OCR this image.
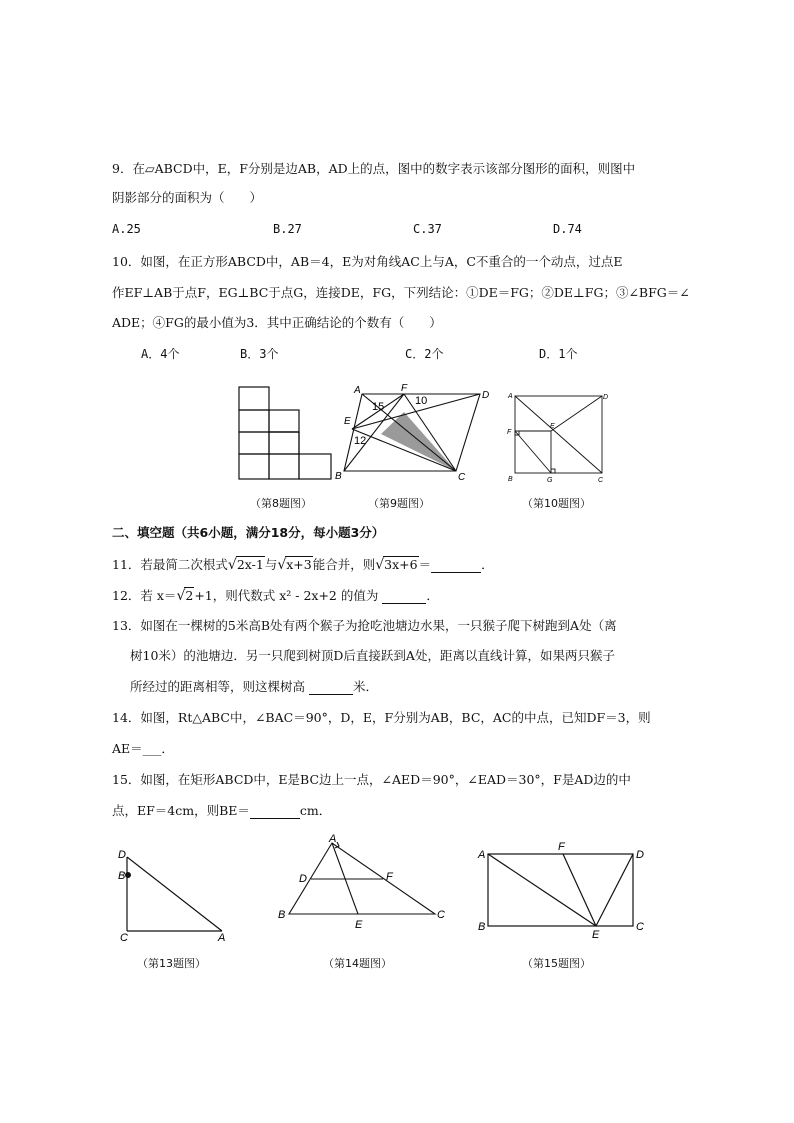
9．在▱ABCD中，E，F分别是边AB，AD上的点，图中的数字表示该部分图形的面积，则图中
阴影部分的面积为（　　）
A.25	B.27	C.37	D.74
10．如图，在正方形ABCD中，AB＝4，E为对角线AC上与A，C不重合的一个动点，过点E
作EF⊥AB于点F，EG⊥BC于点G，连接DE，FG，下列结论：①DE＝FG；②DE⊥FG；③∠BFG＝∠
ADE；④FG的最小值为3．其中正确结论的个数有（　　）
A．4个	B．3个	C．2个	D．1个
A	F
D
E
B	C
15	10
12
A	D
F
E
B	G	C
（第8题图）	（第9题图）	（第10题图）
二、填空题（共6小题，满分18分，每小题3分）
11．若最简二次根式√2x-1与√x+3能合并，则√3x+6＝	．
12．若 x＝√2+1，则代数式 x² - 2x+2 的值为	．
13．如图在一棵树的5米高B处有两个猴子为抢吃池塘边水果，一只猴子爬下树跑到A处（离
树10米）的池塘边．另一只爬到树顶D后直接跃到A处，距离以直线计算，如果两只猴子
所经过的距离相等，则这棵树高	米．
14．如图，Rt△ABC中，∠BAC＝90°，D，E，F分别为AB，BC，AC的中点，已知DF＝3，则
AE＝___．
15．如图，在矩形ABCD中，E是BC边上一点，∠AED＝90°，∠EAD＝30°，F是AD边的中
点，EF＝4cm，则BE＝	cm．
D
B
C	A
A
D	F
B
E
C
A
F
D
B
E
C
（第13题图）	（第14题图）	（第15题图）
